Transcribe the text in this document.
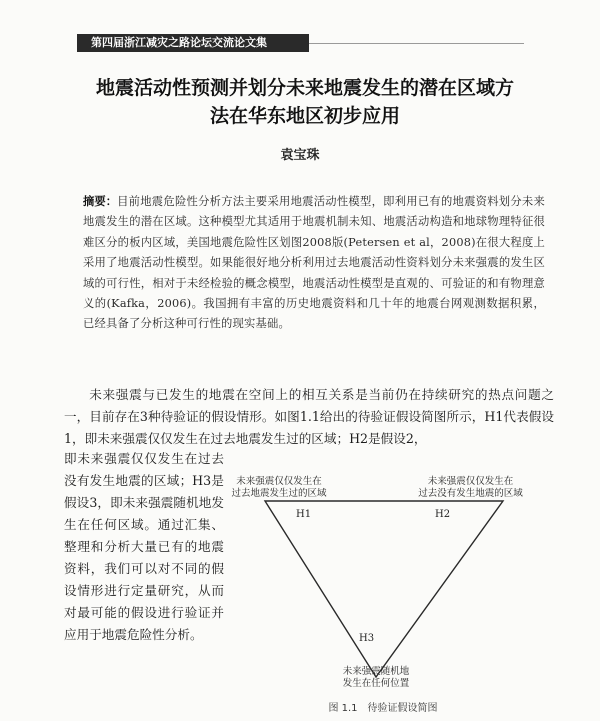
第四届浙江减灾之路论坛交流论文集
地震活动性预测并划分未来地震发生的潜在区域方
法在华东地区初步应用
袁宝珠
摘要：目前地震危险性分析方法主要采用地震活动性模型，即利用已有的地震资料划分未来地震发生的潜在区域。这种模型尤其适用于地震机制未知、地震活动构造和地球物理特征很难区分的板内区域，美国地震危险性区划图2008版(Petersen et al，2008)在很大程度上采用了地震活动性模型。如果能很好地分析利用过去地震活动性资料划分未来强震的发生区域的可行性，相对于未经检验的概念模型，地震活动性模型是直观的、可验证的和有物理意义的(Kafka，2006)。我国拥有丰富的历史地震资料和几十年的地震台网观测数据积累，已经具备了分析这种可行性的现实基础。
未来强震与已发生的地震在空间上的相互关系是当前仍在持续研究的热点问题之一，目前存在3种待验证的假设情形。如图1.1给出的待验证假设简图所示，H1代表假设1，即未来强震仅仅发生在过去地震发生过的区域；H2是假设2，
即未来强震仅仅发生在过去没有发生地震的区域；H3是假设3，即未来强震随机地发生在任何区域。通过汇集、整理和分析大量已有的地震资料，我们可以对不同的假设情形进行定量研究，从而对最可能的假设进行验证并应用于地震危险性分析。
未来强震仅仅发生在
过去地震发生过的区域
未来强震仅仅发生在
过去没有发生地震的区域
未来强震随机地
发生在任何位置
H1	H2
H3
图 1.1　待验证假设简图
